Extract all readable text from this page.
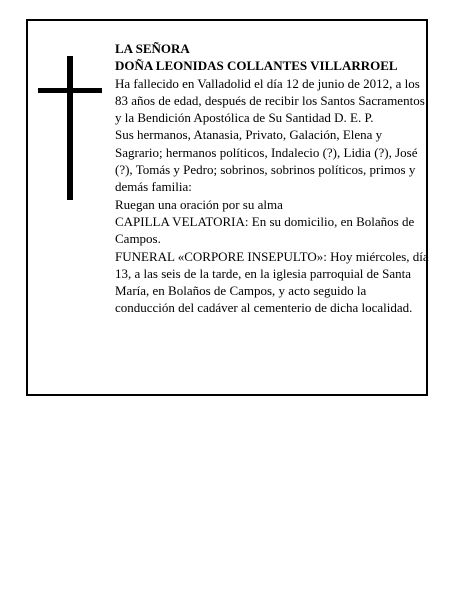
LA SEÑORA

DOÑA LEONIDAS COLLANTES VILLARROEL

Ha fallecido en Valladolid el día 12 de junio de 2012, a los 83 años de edad, después de recibir los Santos Sacramentos y la Bendición Apostólica de Su Santidad D. E. P.

Sus hermanos, Atanasia, Privato, Galación, Elena y Sagrario; hermanos políticos, Indalecio (?), Lidia (?), José (?), Tomás y Pedro; sobrinos, sobrinos políticos, primos y demás familia:

Ruegan una oración por su alma

CAPILLA VELATORIA: En su domicilio, en Bolaños de Campos.

FUNERAL «CORPORE INSEPULTO»: Hoy miércoles, día 13, a las seis de la tarde, en la iglesia parroquial de Santa María, en Bolaños de Campos, y acto seguido la conducción del cadáver al cementerio de dicha localidad.
